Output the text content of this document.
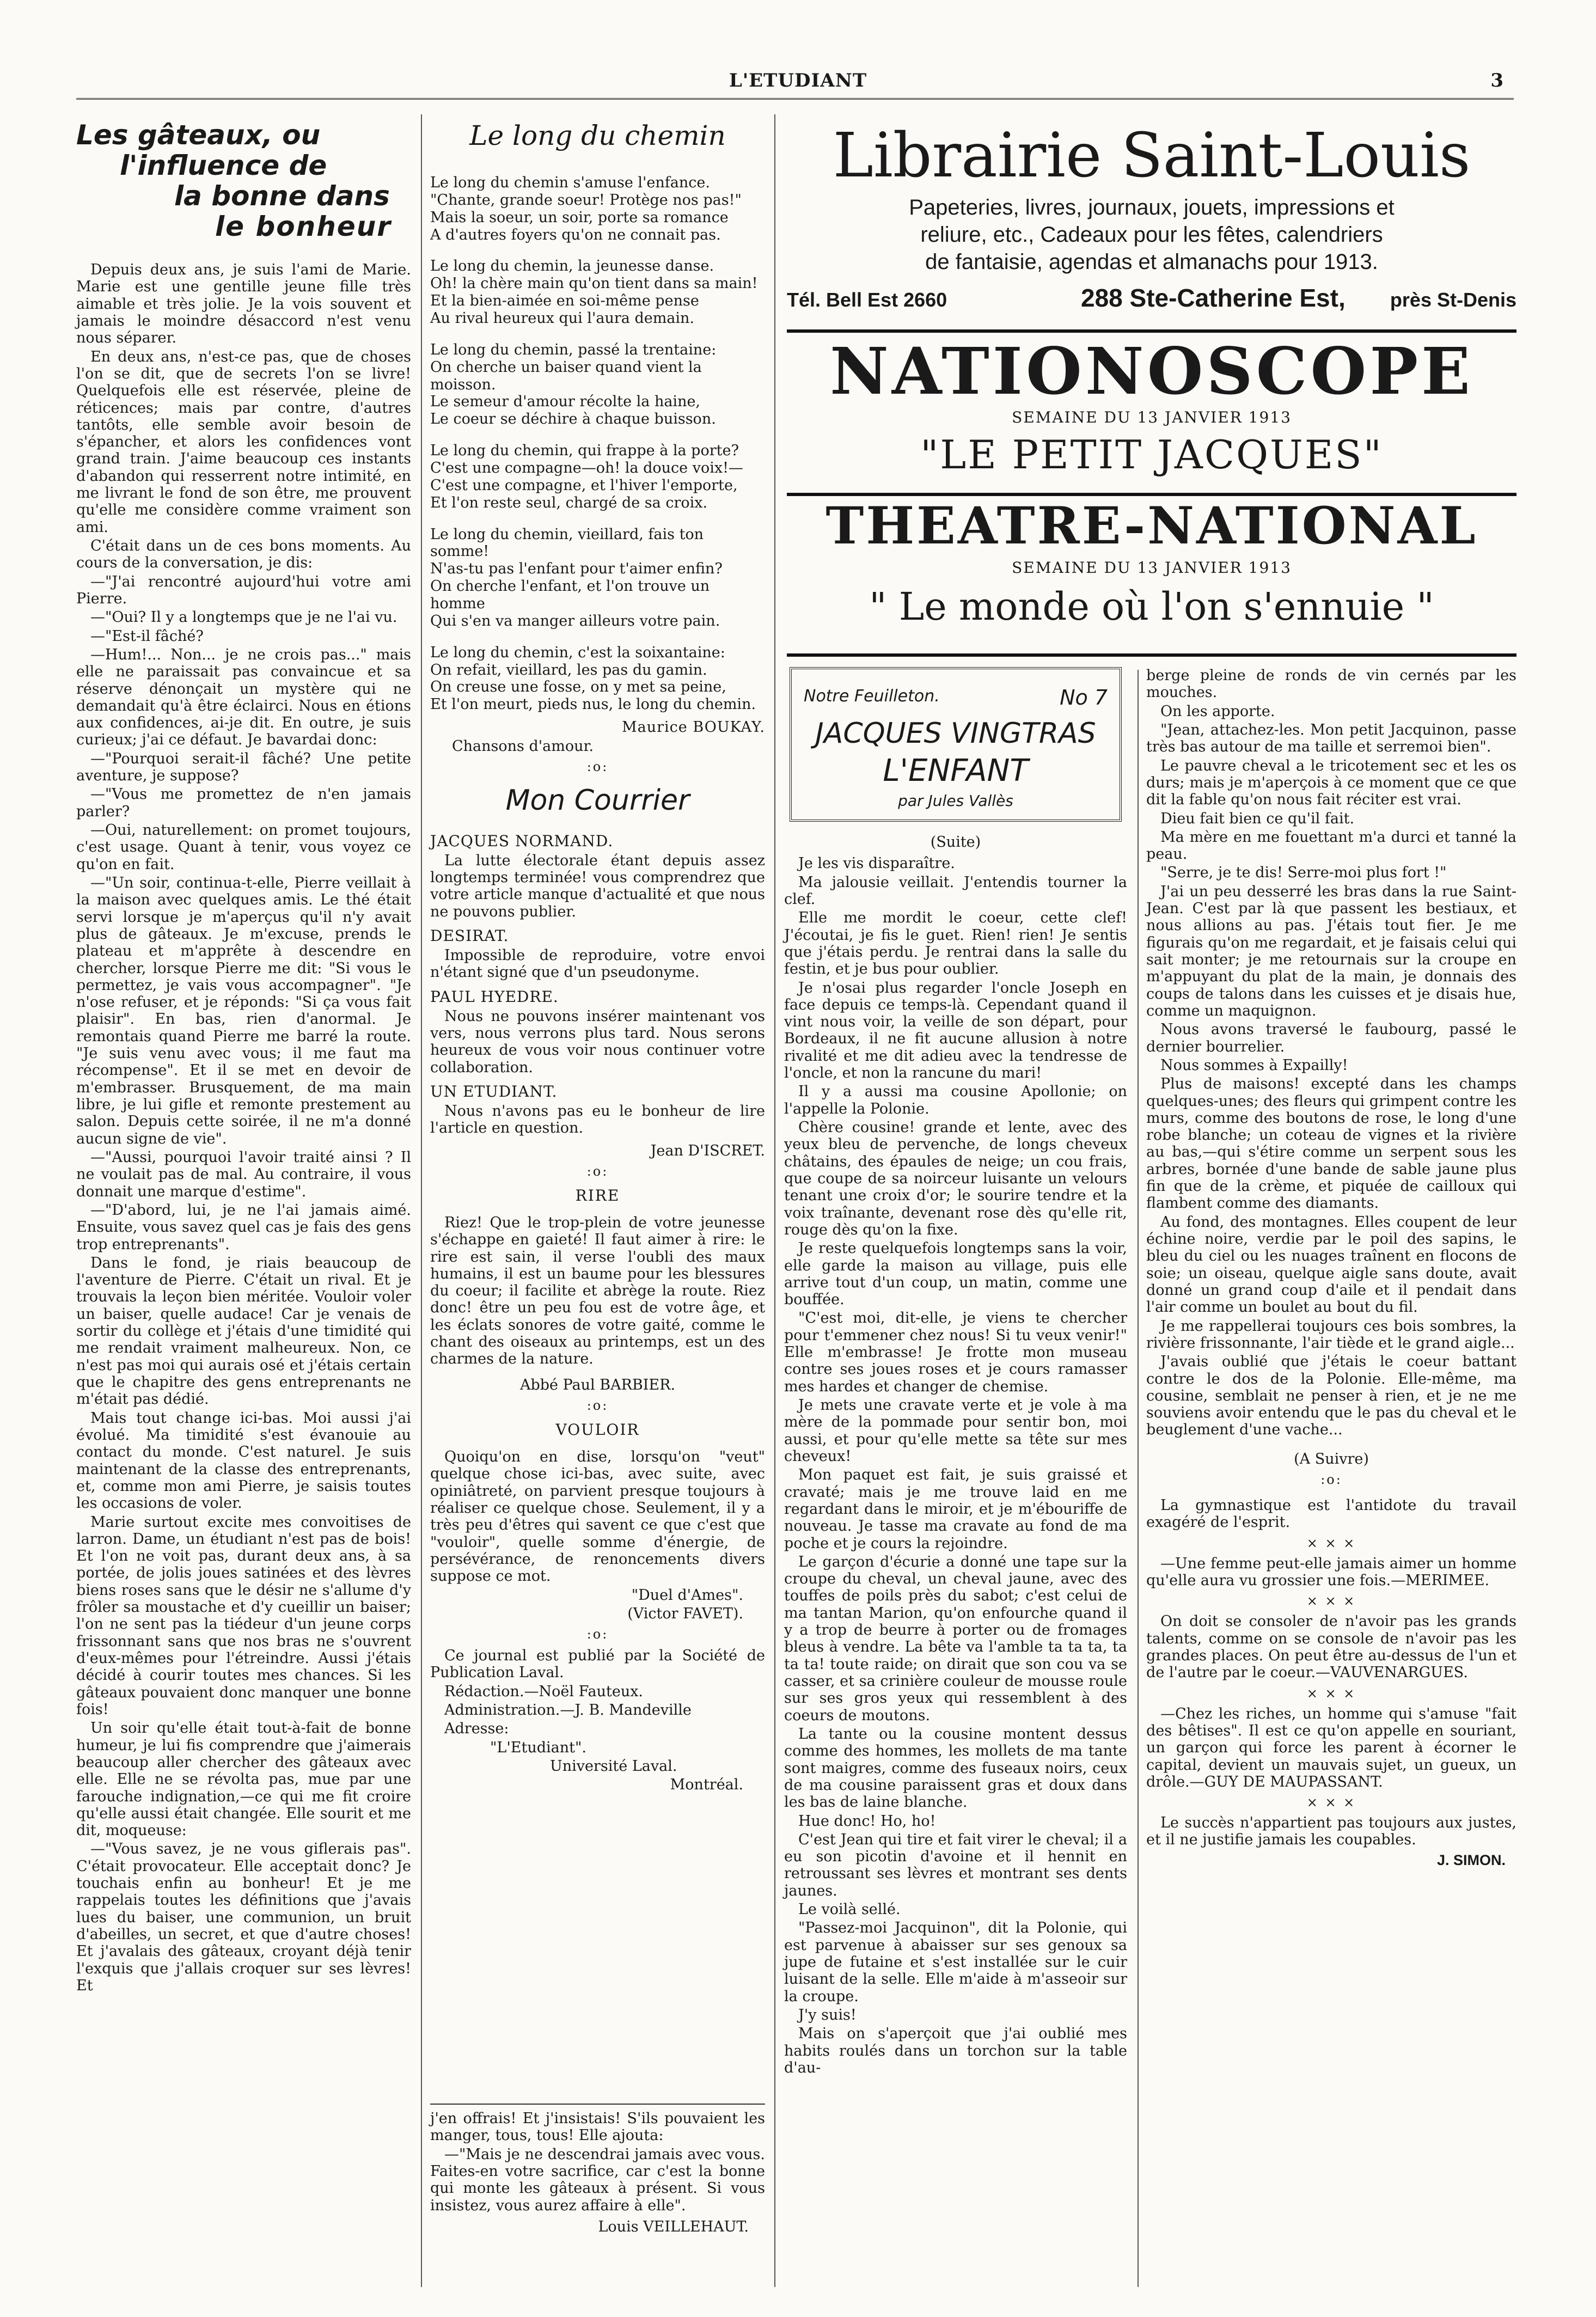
L'ETUDIANT	3
Les gâteaux, ou
l'influence de
la bonne dans
le bonheur

Depuis deux ans, je suis l'ami de Marie. Marie est une gentille jeune fille très aimable et très jolie. Je la vois souvent et jamais le moindre désaccord n'est venu nous séparer.

En deux ans, n'est-ce pas, que de choses l'on se dit, que de secrets l'on se livre! Quelquefois elle est réservée, pleine de réticences; mais par contre, d'autres tantôts, elle semble avoir besoin de s'épancher, et alors les confidences vont grand train. J'aime beaucoup ces instants d'abandon qui resserrent notre intimité, en me livrant le fond de son être, me prouvent qu'elle me considère comme vraiment son ami.

C'était dans un de ces bons moments. Au cours de la conversation, je dis:

—"J'ai rencontré aujourd'hui votre ami Pierre.

—"Oui? Il y a longtemps que je ne l'ai vu.

—"Est-il fâché?

—Hum!... Non... je ne crois pas..." mais elle ne paraissait pas convaincue et sa réserve dénonçait un mystère qui ne demandait qu'à être éclairci. Nous en étions aux confidences, ai-je dit. En outre, je suis curieux; j'ai ce défaut. Je bavardai donc:

—"Pourquoi serait-il fâché? Une petite aventure, je suppose?

—"Vous me promettez de n'en jamais parler?

—Oui, naturellement: on promet toujours, c'est usage. Quant à tenir, vous voyez ce qu'on en fait.

—"Un soir, continua-t-elle, Pierre veillait à la maison avec quelques amis. Le thé était servi lorsque je m'aperçus qu'il n'y avait plus de gâteaux. Je m'excuse, prends le plateau et m'apprête à descendre en chercher, lorsque Pierre me dit: "Si vous le permettez, je vais vous accompagner". "Je n'ose refuser, et je réponds: "Si ça vous fait plaisir". En bas, rien d'anormal. Je remontais quand Pierre me barré la route. "Je suis venu avec vous; il me faut ma récompense". Et il se met en devoir de m'embrasser. Brusquement, de ma main libre, je lui gifle et remonte prestement au salon. Depuis cette soirée, il ne m'a donné aucun signe de vie".

—"Aussi, pourquoi l'avoir traité ainsi ? Il ne voulait pas de mal. Au contraire, il vous donnait une marque d'estime".

—"D'abord, lui, je ne l'ai jamais aimé. Ensuite, vous savez quel cas je fais des gens trop entreprenants".

Dans le fond, je riais beaucoup de l'aventure de Pierre. C'était un rival. Et je trouvais la leçon bien méritée. Vouloir voler un baiser, quelle audace! Car je venais de sortir du collège et j'étais d'une timidité qui me rendait vraiment malheureux. Non, ce n'est pas moi qui aurais osé et j'étais certain que le chapitre des gens entreprenants ne m'était pas dédié.

Mais tout change ici-bas. Moi aussi j'ai évolué. Ma timidité s'est évanouie au contact du monde. C'est naturel. Je suis maintenant de la classe des entreprenants, et, comme mon ami Pierre, je saisis toutes les occasions de voler.

Marie surtout excite mes convoitises de larron. Dame, un étudiant n'est pas de bois! Et l'on ne voit pas, durant deux ans, à sa portée, de jolis joues satinées et des lèvres biens roses sans que le désir ne s'allume d'y frôler sa moustache et d'y cueillir un baiser; l'on ne sent pas la tiédeur d'un jeune corps frissonnant sans que nos bras ne s'ouvrent d'eux-mêmes pour l'étreindre. Aussi j'étais décidé à courir toutes mes chances. Si les gâteaux pouvaient donc manquer une bonne fois!

Un soir qu'elle était tout-à-fait de bonne humeur, je lui fis comprendre que j'aimerais beaucoup aller chercher des gâteaux avec elle. Elle ne se révolta pas, mue par une farouche indignation,—ce qui me fit croire qu'elle aussi était changée. Elle sourit et me dit, moqueuse:

—"Vous savez, je ne vous giflerais pas". C'était provocateur. Elle acceptait donc? Je touchais enfin au bonheur! Et je me rappelais toutes les définitions que j'avais lues du baiser, une communion, un bruit d'abeilles, un secret, et que d'autre choses! Et j'avalais des gâteaux, croyant déjà tenir l'exquis que j'allais croquer sur ses lèvres! Et

Le long du chemin

Le long du chemin s'amuse l'enfance.

"Chante, grande soeur! Protège nos pas!"

Mais la soeur, un soir, porte sa romance

A d'autres foyers qu'on ne connait pas.

Le long du chemin, la jeunesse danse.

Oh! la chère main qu'on tient dans sa main!

Et la bien-aimée en soi-même pense

Au rival heureux qui l'aura demain.

Le long du chemin, passé la trentaine:

On cherche un baiser quand vient la moisson.

Le semeur d'amour récolte la haine,

Le coeur se déchire à chaque buisson.

Le long du chemin, qui frappe à la porte?

C'est une compagne—oh! la douce voix!—

C'est une compagne, et l'hiver l'emporte,

Et l'on reste seul, chargé de sa croix.

Le long du chemin, vieillard, fais ton somme!

N'as-tu pas l'enfant pour t'aimer enfin?

On cherche l'enfant, et l'on trouve un homme

Qui s'en va manger ailleurs votre pain.

Le long du chemin, c'est la soixantaine:

On refait, vieillard, les pas du gamin.

On creuse une fosse, on y met sa peine,

Et l'on meurt, pieds nus, le long du chemin.

Maurice BOUKAY.

Chansons d'amour.

:o:
Mon Courrier
JACQUES NORMAND.

La lutte électorale étant depuis assez longtemps terminée! vous comprendrez que votre article manque d'actualité et que nous ne pouvons publier.

DESIRAT.

Impossible de reproduire, votre envoi n'étant signé que d'un pseudonyme.

PAUL HYEDRE.

Nous ne pouvons insérer maintenant vos vers, nous verrons plus tard. Nous serons heureux de vous voir nous continuer votre collaboration.

UN ETUDIANT.

Nous n'avons pas eu le bonheur de lire l'article en question.

Jean D'ISCRET.

:o:
RIRE

Riez! Que le trop-plein de votre jeunesse s'échappe en gaieté! Il faut aimer à rire: le rire est sain, il verse l'oubli des maux humains, il est un baume pour les blessures du coeur; il facilite et abrège la route. Riez donc! être un peu fou est de votre âge, et les éclats sonores de votre gaité, comme le chant des oiseaux au printemps, est un des charmes de la nature.

Abbé Paul BARBIER.

:o:
VOULOIR

Quoiqu'on en dise, lorsqu'on "veut" quelque chose ici-bas, avec suite, avec opiniâtreté, on parvient presque toujours à réaliser ce quelque chose. Seulement, il y a très peu d'êtres qui savent ce que c'est que "vouloir", quelle somme d'énergie, de persévérance, de renoncements divers suppose ce mot.

"Duel d'Ames".

(Victor FAVET).

:o:

Ce journal est publié par la Société de Publication Laval.

Rédaction.—Noël Fauteux.

Administration.—J. B. Mandeville

Adresse:

"L'Etudiant".

Université Laval.

Montréal.

j'en offrais! Et j'insistais! S'ils pouvaient les manger, tous, tous! Elle ajouta:

—"Mais je ne descendrai jamais avec vous. Faites-en votre sacrifice, car c'est la bonne qui monte les gâteaux à présent. Si vous insistez, vous aurez affaire à elle".

Louis VEILLEHAUT.

Librairie Saint-Louis
Papeteries, livres, journaux, jouets, impressions et
reliure, etc., Cadeaux pour les fêtes, calendriers
de fantaisie, agendas et almanachs pour 1913.
Tél. Bell Est 2660	288 Ste-Catherine Est, près St-Denis
NATIONOSCOPE
SEMAINE DU 13 JANVIER 1913
"LE PETIT JACQUES"
THEATRE-NATIONAL
SEMAINE DU 13 JANVIER 1913
" Le monde où l'on s'ennuie "
Notre Feuilleton.	No 7
JACQUES VINGTRAS
L'ENFANT
par Jules Vallès

(Suite)

Je les vis disparaître.

Ma jalousie veillait. J'entendis tourner la clef.

Elle me mordit le coeur, cette clef! J'écoutai, je fis le guet. Rien! rien! Je sentis que j'étais perdu. Je rentrai dans la salle du festin, et je bus pour oublier.

Je n'osai plus regarder l'oncle Joseph en face depuis ce temps-là. Cependant quand il vint nous voir, la veille de son départ, pour Bordeaux, il ne fit aucune allusion à notre rivalité et me dit adieu avec la tendresse de l'oncle, et non la rancune du mari!

Il y a aussi ma cousine Apollonie; on l'appelle la Polonie.

Chère cousine! grande et lente, avec des yeux bleu de pervenche, de longs cheveux châtains, des épaules de neige; un cou frais, que coupe de sa noirceur luisante un velours tenant une croix d'or; le sourire tendre et la voix traînante, devenant rose dès qu'elle rit, rouge dès qu'on la fixe.

Je reste quelquefois longtemps sans la voir, elle garde la maison au village, puis elle arrive tout d'un coup, un matin, comme une bouffée.

"C'est moi, dit-elle, je viens te chercher pour t'emmener chez nous! Si tu veux venir!" Elle m'embrasse! Je frotte mon museau contre ses joues roses et je cours ramasser mes hardes et changer de chemise.

Je mets une cravate verte et je vole à ma mère de la pommade pour sentir bon, moi aussi, et pour qu'elle mette sa tête sur mes cheveux!

Mon paquet est fait, je suis graissé et cravaté; mais je me trouve laid en me regardant dans le miroir, et je m'ébouriffe de nouveau. Je tasse ma cravate au fond de ma poche et je cours la rejoindre.

Le garçon d'écurie a donné une tape sur la croupe du cheval, un cheval jaune, avec des touffes de poils près du sabot; c'est celui de ma tantan Marion, qu'on enfourche quand il y a trop de beurre à porter ou de fromages bleus à vendre. La bête va l'amble ta ta ta, ta ta ta! toute raide; on dirait que son cou va se casser, et sa crinière couleur de mousse roule sur ses gros yeux qui ressemblent à des coeurs de moutons.

La tante ou la cousine montent dessus comme des hommes, les mollets de ma tante sont maigres, comme des fuseaux noirs, ceux de ma cousine paraissent gras et doux dans les bas de laine blanche.

Hue donc! Ho, ho!

C'est Jean qui tire et fait virer le cheval; il a eu son picotin d'avoine et il hennit en retroussant ses lèvres et montrant ses dents jaunes.

Le voilà sellé.

"Passez-moi Jacquinon", dit la Polonie, qui est parvenue à abaisser sur ses genoux sa jupe de futaine et s'est installée sur le cuir luisant de la selle. Elle m'aide à m'asseoir sur la croupe.

J'y suis!

Mais on s'aperçoit que j'ai oublié mes habits roulés dans un torchon sur la table d'au-

berge pleine de ronds de vin cernés par les mouches.

On les apporte.

"Jean, attachez-les. Mon petit Jacquinon, passe très bas autour de ma taille et serremoi bien".

Le pauvre cheval a le tricotement sec et les os durs; mais je m'aperçois à ce moment que ce que dit la fable qu'on nous fait réciter est vrai.

Dieu fait bien ce qu'il fait.

Ma mère en me fouettant m'a durci et tanné la peau.

"Serre, je te dis! Serre-moi plus fort !"

J'ai un peu desserré les bras dans la rue Saint-Jean. C'est par là que passent les bestiaux, et nous allions au pas. J'étais tout fier. Je me figurais qu'on me regardait, et je faisais celui qui sait monter; je me retournais sur la croupe en m'appuyant du plat de la main, je donnais des coups de talons dans les cuisses et je disais hue, comme un maquignon.

Nous avons traversé le faubourg, passé le dernier bourrelier.

Nous sommes à Expailly!

Plus de maisons! excepté dans les champs quelques-unes; des fleurs qui grimpent contre les murs, comme des boutons de rose, le long d'une robe blanche; un coteau de vignes et la rivière au bas,—qui s'étire comme un serpent sous les arbres, bornée d'une bande de sable jaune plus fin que de la crème, et piquée de cailloux qui flambent comme des diamants.

Au fond, des montagnes. Elles coupent de leur échine noire, verdie par le poil des sapins, le bleu du ciel ou les nuages traînent en flocons de soie; un oiseau, quelque aigle sans doute, avait donné un grand coup d'aile et il pendait dans l'air comme un boulet au bout du fil.

Je me rappellerai toujours ces bois sombres, la rivière frissonnante, l'air tiède et le grand aigle...

J'avais oublié que j'étais le coeur battant contre le dos de la Polonie. Elle-même, ma cousine, semblait ne penser à rien, et je ne me souviens avoir entendu que le pas du cheval et le beuglement d'une vache...

(A Suivre)

:o:

La gymnastique est l'antidote du travail exagéré de l'esprit.

× × ×

—Une femme peut-elle jamais aimer un homme qu'elle aura vu grossier une fois.—MERIMEE.

× × ×

On doit se consoler de n'avoir pas les grands talents, comme on se console de n'avoir pas les grandes places. On peut être au-dessus de l'un et de l'autre par le coeur.—VAUVENARGUES.

× × ×

—Chez les riches, un homme qui s'amuse "fait des bêtises". Il est ce qu'on appelle en souriant, un garçon qui force les parent à écorner le capital, devient un mauvais sujet, un gueux, un drôle.—GUY DE MAUPASSANT.

× × ×

Le succès n'appartient pas toujours aux justes, et il ne justifie jamais les coupables.

J. SIMON.
